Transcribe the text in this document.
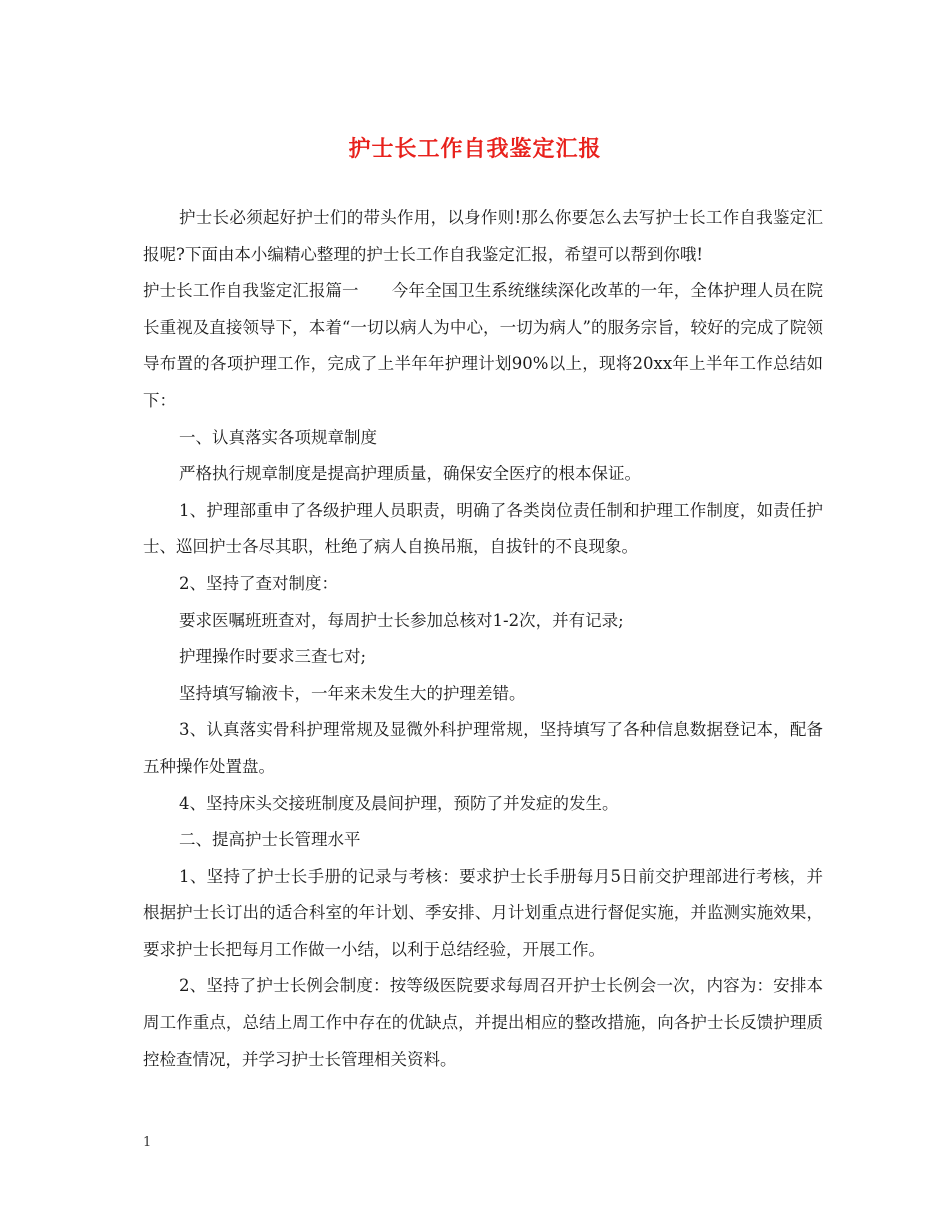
护士长工作自我鉴定汇报

护士长必须起好护士们的带头作用，以身作则!那么你要怎么去写护士长工作自我鉴定汇报呢?下面由本小编精心整理的护士长工作自我鉴定汇报，希望可以帮到你哦!

护士长工作自我鉴定汇报篇一　　今年全国卫生系统继续深化改革的一年，全体护理人员在院长重视及直接领导下，本着“一切以病人为中心，一切为病人”的服务宗旨，较好的完成了院领导布置的各项护理工作，完成了上半年年护理计划90%以上，现将20xx年上半年工作总结如下：

一、认真落实各项规章制度

严格执行规章制度是提高护理质量，确保安全医疗的根本保证。

1、护理部重申了各级护理人员职责，明确了各类岗位责任制和护理工作制度，如责任护士、巡回护士各尽其职，杜绝了病人自换吊瓶，自拔针的不良现象。

2、坚持了查对制度：

要求医嘱班班查对，每周护士长参加总核对1-2次，并有记录;

护理操作时要求三查七对;

坚持填写输液卡，一年来未发生大的护理差错。

3、认真落实骨科护理常规及显微外科护理常规，坚持填写了各种信息数据登记本，配备五种操作处置盘。

4、坚持床头交接班制度及晨间护理，预防了并发症的发生。

二、提高护士长管理水平

1、坚持了护士长手册的记录与考核：要求护士长手册每月5日前交护理部进行考核，并根据护士长订出的适合科室的年计划、季安排、月计划重点进行督促实施，并监测实施效果，要求护士长把每月工作做一小结，以利于总结经验，开展工作。

2、坚持了护士长例会制度：按等级医院要求每周召开护士长例会一次，内容为：安排本周工作重点，总结上周工作中存在的优缺点，并提出相应的整改措施，向各护士长反馈护理质控检查情况，并学习护士长管理相关资料。

1
